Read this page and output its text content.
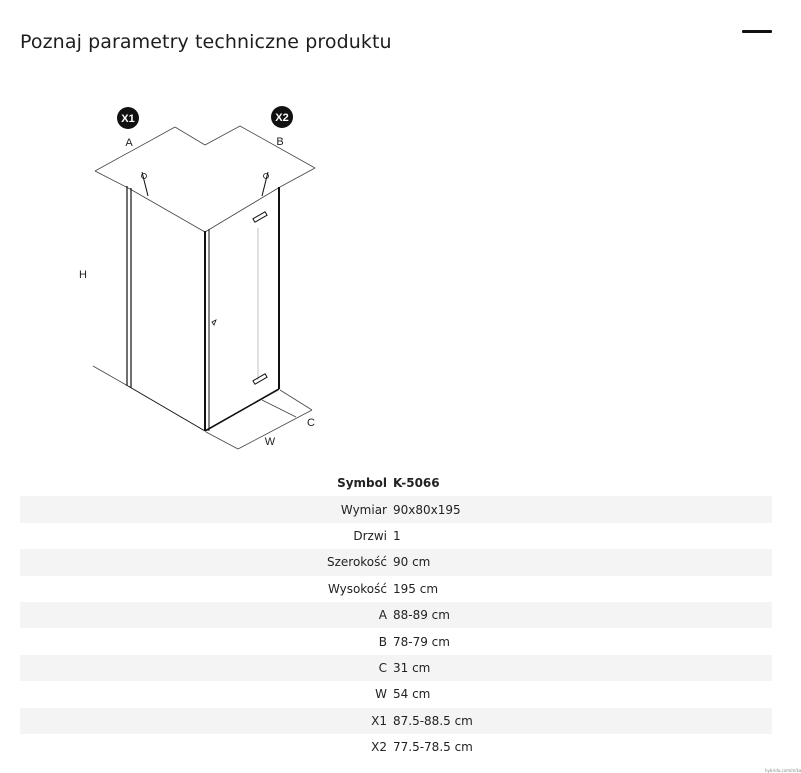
Poznaj parametry techniczne produktu
X1	X2
A	B
H
C
W
Symbol K-5066
Wymiar 90x80x195
Drzwi 1
Szerokość 90 cm
Wysokość 195 cm
A 88-89 cm
B 78-79 cm
C 31 cm
W 54 cm
X1 87.5-88.5 cm
X2 77.5-78.5 cm
hybrida.com/m/ka
